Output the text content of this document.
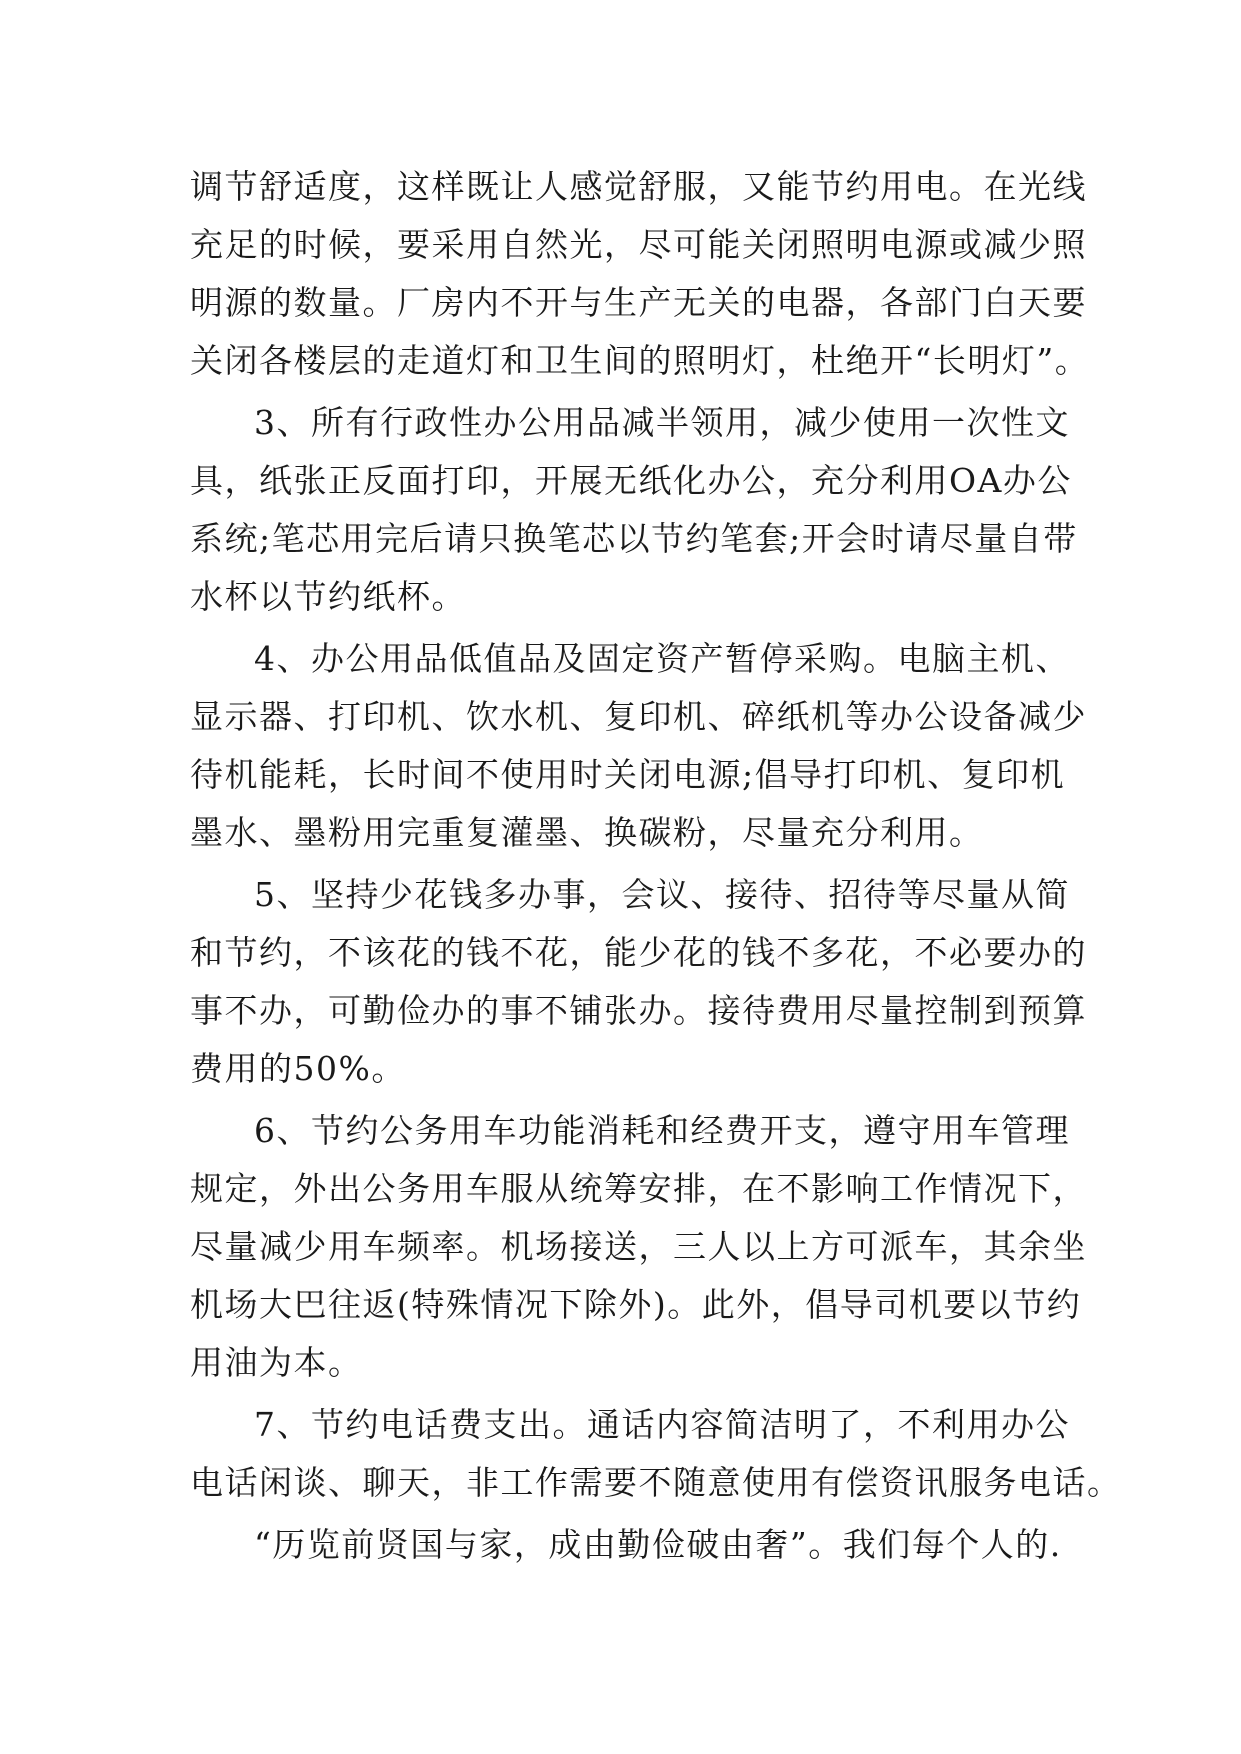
调节舒适度，这样既让人感觉舒服，又能节约用电。在光线
充足的时候，要采用自然光，尽可能关闭照明电源或减少照
明源的数量。厂房内不开与生产无关的电器，各部门白天要
关闭各楼层的走道灯和卫生间的照明灯，杜绝开“长明灯”。
3、所有行政性办公用品减半领用，减少使用一次性文
具，纸张正反面打印，开展无纸化办公，充分利用OA办公
系统;笔芯用完后请只换笔芯以节约笔套;开会时请尽量自带
水杯以节约纸杯。
4、办公用品低值品及固定资产暂停采购。电脑主机、
显示器、打印机、饮水机、复印机、碎纸机等办公设备减少
待机能耗，长时间不使用时关闭电源;倡导打印机、复印机
墨水、墨粉用完重复灌墨、换碳粉，尽量充分利用。
5、坚持少花钱多办事，会议、接待、招待等尽量从简
和节约，不该花的钱不花，能少花的钱不多花，不必要办的
事不办，可勤俭办的事不铺张办。接待费用尽量控制到预算
费用的50%。
6、节约公务用车功能消耗和经费开支，遵守用车管理
规定，外出公务用车服从统筹安排，在不影响工作情况下，
尽量减少用车频率。机场接送，三人以上方可派车，其余坐
机场大巴往返(特殊情况下除外)。此外，倡导司机要以节约
用油为本。
7、节约电话费支出。通话内容简洁明了，不利用办公
电话闲谈、聊天，非工作需要不随意使用有偿资讯服务电话。
“历览前贤国与家，成由勤俭破由奢”。我们每个人的.
